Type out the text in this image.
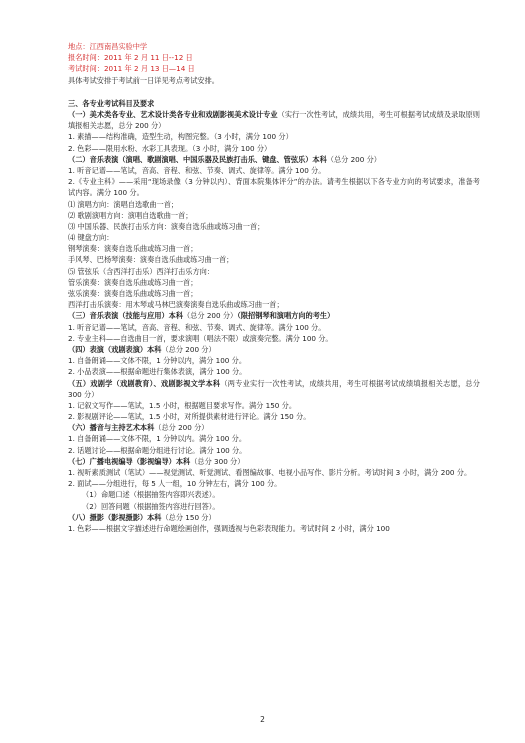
地点：江西南昌实验中学
报名时间：2011 年 2 月 11 日--12 日
考试时间：2011 年 2 月 13 日—14 日
具体考试安排于考试前一日详见考点考试安排。
三、各专业考试科目及要求
（一）美术类各专业、艺术设计类各专业和戏剧影视美术设计专业（实行一次性考试，成绩共用，考生可根据考试成绩及录取原则填报相关志愿，总分 200 分）
1. 素描——结构准确，造型生动，构图完整。（3 小时，满分 100 分）
2. 色彩——限用水粉、水彩工具表现。（3 小时，满分 100 分）
（二）音乐表演（演唱、歌剧演唱、中国乐器及民族打击乐、键盘、管弦乐）本科（总分 200 分）
1. 听音记谱——笔试，音高、音程、和弦、节奏、调式、旋律等。满分 100 分。
2.《专业主科》——采用“现场录像（3 分钟以内）、背面本院集体评分”的办法。请考生根据以下各专业方向的考试要求，准备考试内容。满分 100 分。
⑴ 演唱方向：演唱自选歌曲一首；
⑵ 歌剧演唱方向：演唱自选歌曲一首；
⑶ 中国乐器、民族打击乐方向：演奏自选乐曲或练习曲一首；
⑷ 键盘方向：
钢琴演奏：演奏自选乐曲或练习曲一首；
手风琴、巴杨琴演奏：演奏自选乐曲或练习曲一首；
⑸ 管弦乐（含西洋打击乐）西洋打击乐方向：
管乐演奏：演奏自选乐曲或练习曲一首；
弦乐演奏：演奏自选乐曲或练习曲一首；
西洋打击乐演奏：用木琴或马林巴演奏演奏自选乐曲或练习曲一首；
（三）音乐表演（技能与应用）本科（总分 200 分）（限招钢琴和演唱方向的考生）
1. 听音记谱——笔试，音高、音程、和弦、节奏、调式、旋律等。满分 100 分。
2. 专业主科——自选曲目一首，要求演唱（唱法不限）或演奏完整。满分 100 分。
（四）表演（戏剧表演）本科（总分 200 分）
1. 自备朗诵——文体不限，1 分钟以内，满分 100 分。
2. 小品表演——根据命题进行集体表演，满分 100 分。
（五）戏剧学（戏剧教育）、戏剧影视文学本科（两专业实行一次性考试，成绩共用，考生可根据考试成绩填报相关志愿，总分 300 分）
1. 记叙文写作——笔试，1.5 小时，根据题目要求写作。满分 150 分。
2. 影视剧评论——笔试，1.5 小时，对所提供素材进行评论。满分 150 分。
（六）播音与主持艺术本科（总分 200 分）
1. 自备朗诵——文体不限，1 分钟以内。满分 100 分。
2. 话题讨论——根据命题分组进行讨论。满分 100 分。
（七）广播电视编导（影视编导）本科（总分 300 分）
1. 视听素质测试（笔试）——视觉测试、听觉测试、看图编故事、电视小品写作、影片分析。考试时间 3 小时，满分 200 分。
2. 面试——分组进行，每 5 人一组，10 分钟左右，满分 100 分。
（1）命题口述（根据抽签内容即兴表述）。
（2）回答问题（根据抽签内容进行回答）。
（八）摄影（影视摄影）本科（总分 150 分）
1. 色彩——根据文字描述进行命题绘画创作，强调透视与色彩表现能力。考试时间 2 小时，满分 100
2
